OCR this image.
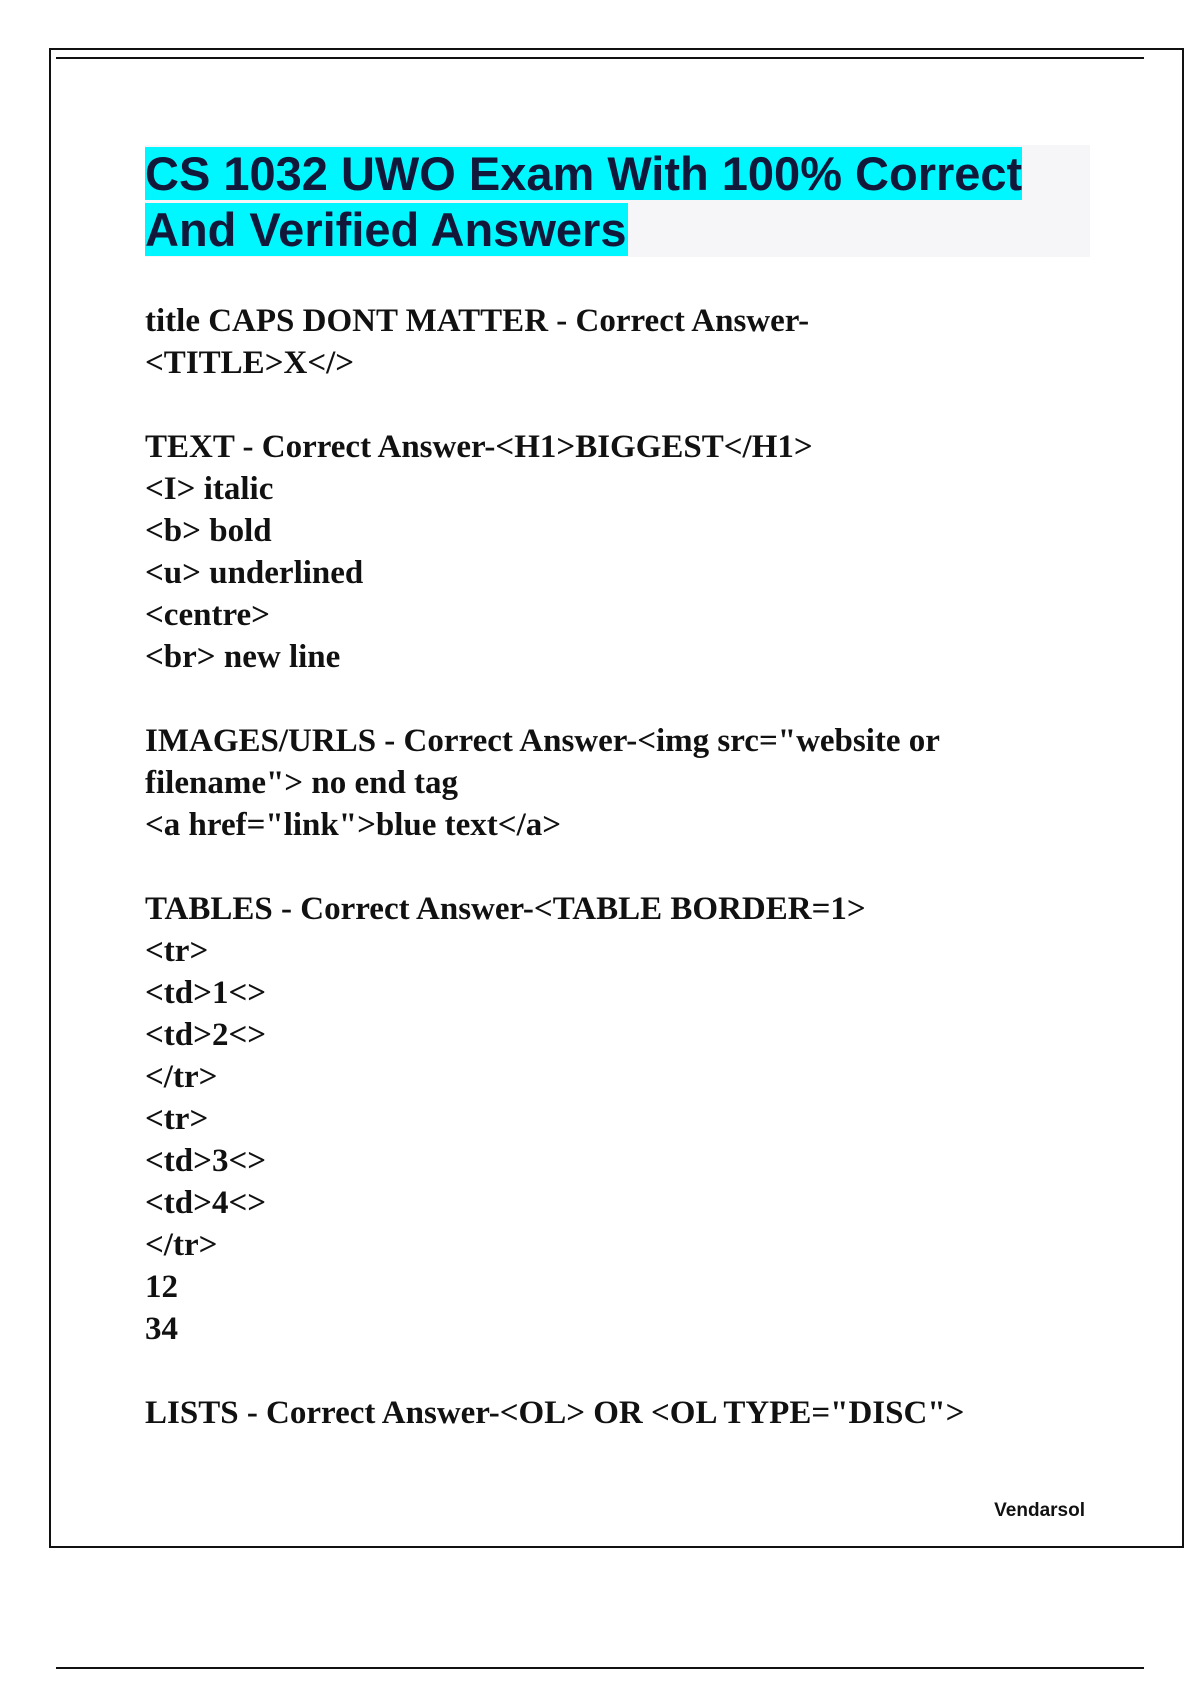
CS 1032 UWO Exam With 100% Correct And Verified Answers
title CAPS DONT MATTER - Correct Answer-
<TITLE>X</>
TEXT - Correct Answer-<H1>BIGGEST</H1>
<I> italic
<b> bold
<u> underlined
<centre>
<br> new line
IMAGES/URLS - Correct Answer-<img src="website or
filename"> no end tag
<a href="link">blue text</a>
TABLES - Correct Answer-<TABLE BORDER=1>
<tr>
<td>1<>
<td>2<>
</tr>
<tr>
<td>3<>
<td>4<>
</tr>
12
34
LISTS - Correct Answer-<OL> OR <OL TYPE="DISC">
Vendarsol
